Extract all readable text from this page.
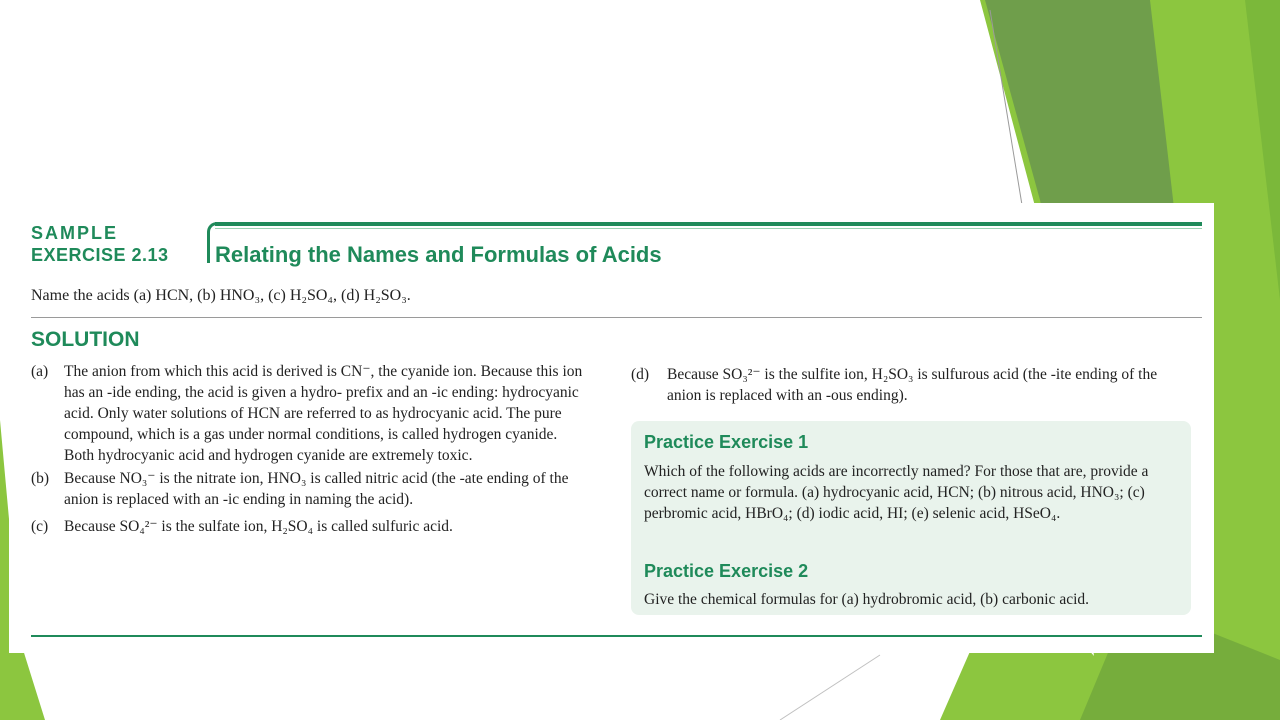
SAMPLE
EXERCISE 2.13 Relating the Names and Formulas of Acids
Name the acids (a) HCN, (b) HNO₃, (c) H₂SO₄, (d) H₂SO₃.
SOLUTION
(a) The anion from which this acid is derived is CN⁻, the cyanide ion. Because this ion has an -ide ending, the acid is given a hydro- prefix and an -ic ending: hydrocyanic acid. Only water solutions of HCN are referred to as hydrocyanic acid. The pure compound, which is a gas under normal conditions, is called hydrogen cyanide. Both hydrocyanic acid and hydrogen cyanide are extremely toxic.
(b) Because NO₃⁻ is the nitrate ion, HNO₃ is called nitric acid (the -ate ending of the anion is replaced with an -ic ending in naming the acid).
(c) Because SO₄²⁻ is the sulfate ion, H₂SO₄ is called sulfuric acid.
(d) Because SO₃²⁻ is the sulfite ion, H₂SO₃ is sulfurous acid (the -ite ending of the anion is replaced with an -ous ending).
Practice Exercise 1
Which of the following acids are incorrectly named? For those that are, provide a correct name or formula. (a) hydrocyanic acid, HCN; (b) nitrous acid, HNO₃; (c) perbromic acid, HBrO₄; (d) iodic acid, HI; (e) selenic acid, HSeO₄.
Practice Exercise 2
Give the chemical formulas for (a) hydrobromic acid, (b) carbonic acid.
